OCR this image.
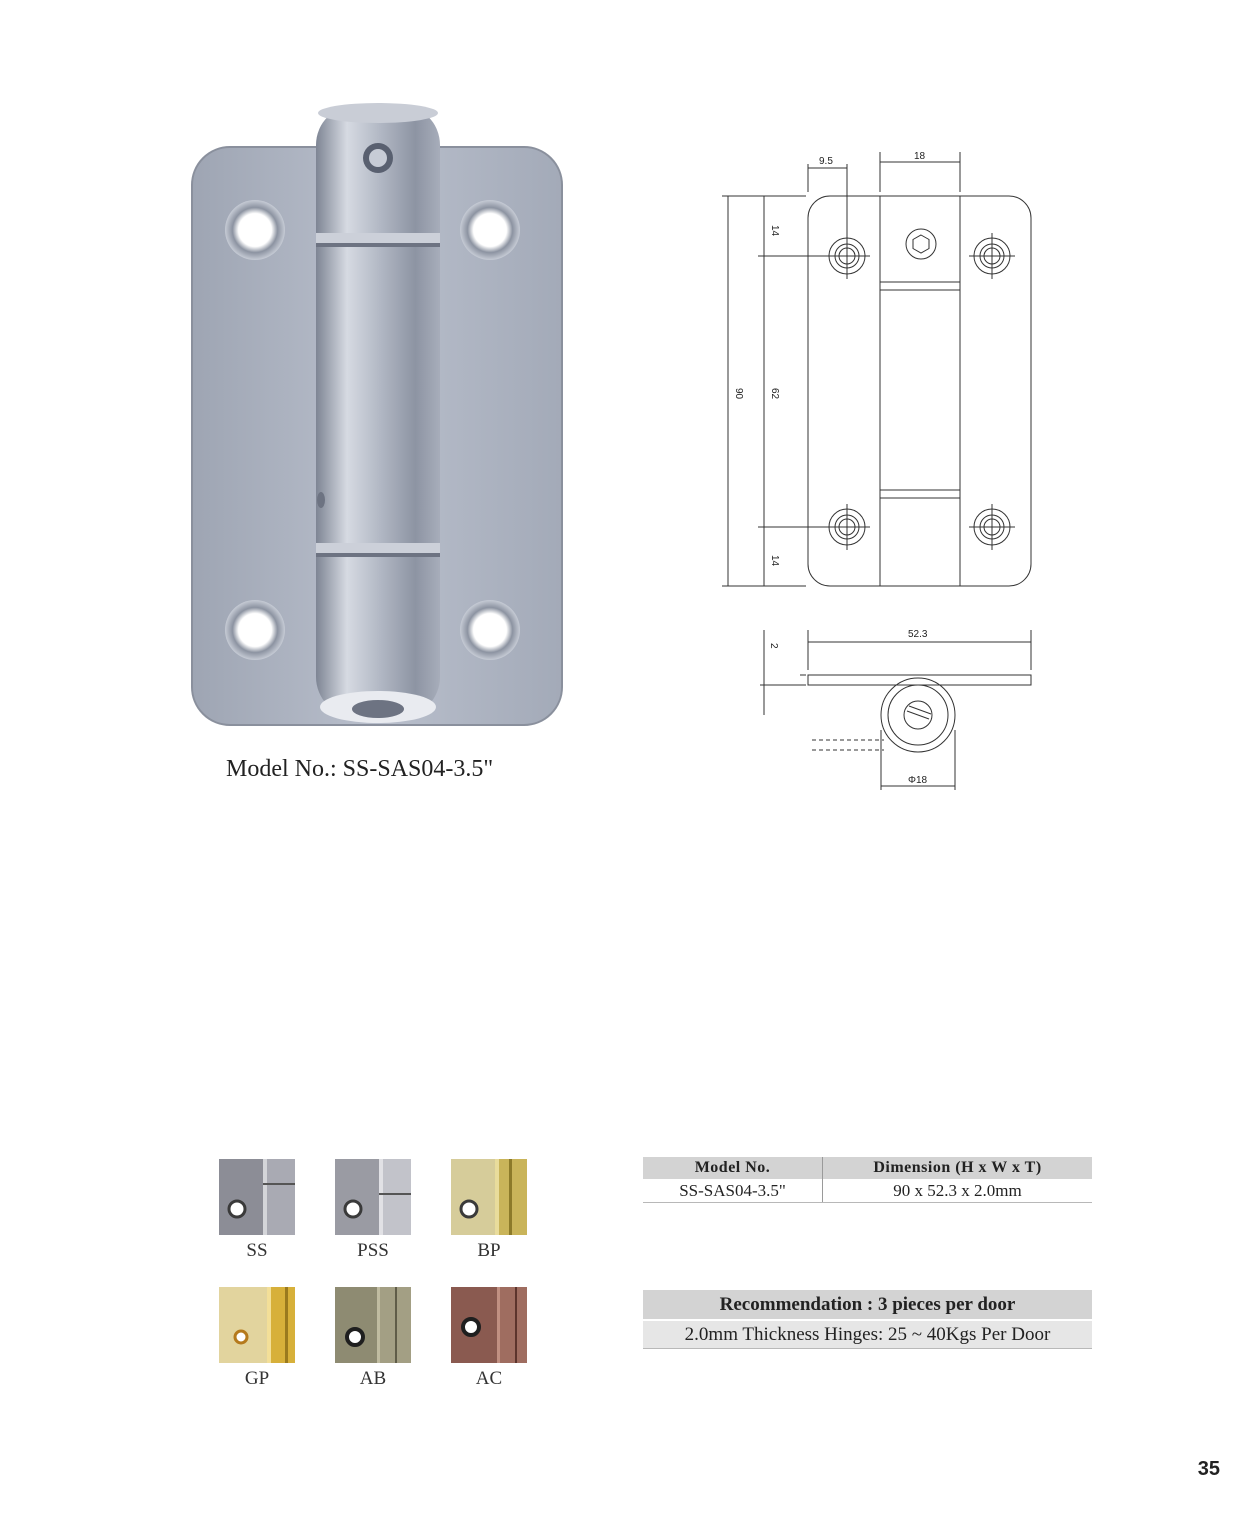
Model No.: SS-SAS04-3.5"
9.5	18
14
62
90
14
52.3
2
Φ18
SS	PSS	BP
GP	AB	AC
Model No.	Dimension (H x W x T)
SS-SAS04-3.5"	90 x 52.3 x 2.0mm
Recommendation : 3 pieces per door
2.0mm Thickness Hinges: 25 ~ 40Kgs Per Door
35
